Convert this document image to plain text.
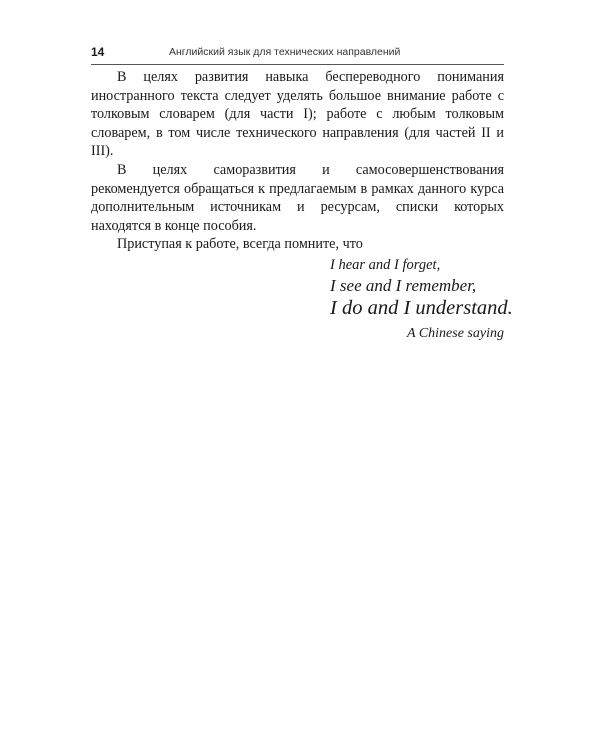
14	Английский язык для технических направлений

В целях развития навыка беспереводного понимания иностранного текста следует уделять большое внимание работе с толковым словарем (для части I); работе с любым толковым словарем, в том числе технического направления (для частей II и III).

В целях саморазвития и самосовершенствования рекомендуется обращаться к предлагаемым в рамках данного курса дополнительным источникам и ресурсам, списки которых находятся в конце пособия.

Приступая к работе, всегда помните, что

I hear and I forget,
I see and I remember,
I do and I understand.
A Chinese saying
